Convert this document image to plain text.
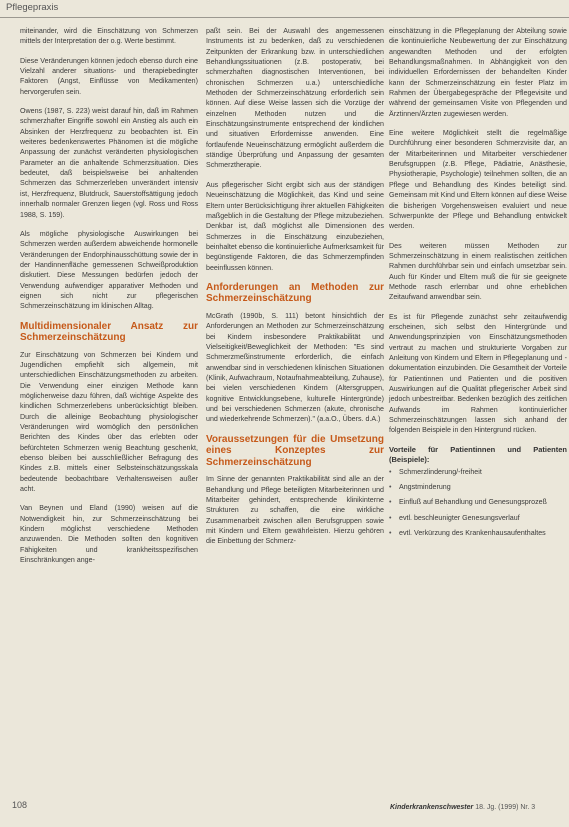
Pflegepraxis

miteinander, wird die Einschätzung von Schmerzen mittels der Interpretation der o.g. Werte bestimmt.

Diese Veränderungen können jedoch ebenso durch eine Vielzahl anderer situations- und therapiebedingter Faktoren (Angst, Einflüsse von Medikamenten) hervorgerufen sein.

Owens (1987, S. 223) weist darauf hin, daß im Rahmen schmerzhafter Eingriffe sowohl ein Anstieg als auch ein Absinken der Herzfrequenz zu beobachten ist. Ein weiteres bedenkenswertes Phänomen ist die mögliche Anpassung der zunächst veränderten physiologischen Parameter an die anhaltende Schmerzsituation. Dies bedeutet, daß beispielsweise bei anhaltenden Schmerzen das Schmerzerleben unverändert intensiv ist, Herzfrequenz, Blutdruck, Sauerstoffsättigung jedoch innerhalb normaler Grenzen liegen (vgl. Ross und Ross 1988, S. 159).

Als mögliche physiologische Auswirkungen bei Schmerzen werden außerdem abweichende hormonelle Veränderungen der Endorphinausschüttung sowie der in der Handinnenfläche gemessenen Schweißproduktion diskutiert. Diese Messungen bedürfen jedoch der Verwendung aufwendiger apparativer Methoden und eignen sich nicht zur pflegerischen Schmerzeinschätzung im klinischen Alltag.

Multidimensionaler Ansatz zur Schmerzeinschätzung

Zur Einschätzung von Schmerzen bei Kindern und Jugendlichen empfiehlt sich allgemein, mit unterschiedlichen Einschätzungsmethoden zu arbeiten. Die Verwendung einer einzigen Methode kann möglicherweise dazu führen, daß wichtige Aspekte des kindlichen Schmerzerlebens unberücksichtigt bleiben. Durch die alleinige Beobachtung physiologischer Veränderungen wird womöglich den persönlichen Berichten des Kindes über das erlebten oder befürchteten Schmerzen wenig Beachtung geschenkt, ebenso bleiben bei ausschließlicher Befragung des Kindes z.B. mittels einer Selbsteinschätzungsskala bedeutende beobachtbare Verhaltensweisen außer acht.

Van Beynen und Eland (1990) weisen auf die Notwendigkeit hin, zur Schmerzeinschätzung bei Kindern möglichst verschiedene Methoden anzuwenden. Die Methoden sollten den kognitiven Fähigkeiten und krankheitsspezifischen Einschränkungen ange-

paßt sein. Bei der Auswahl des angemessenen Instruments ist zu bedenken, daß zu verschiedenen Zeitpunkten der Erkrankung bzw. in unterschiedlichen Behandlungssituationen (z.B. postoperativ, bei schmerzhaften diagnostischen Interventionen, bei chronischen Schmerzen u.a.) unterschiedliche Methoden der Schmerzeinschätzung erforderlich sein können. Auf diese Weise lassen sich die Vorzüge der einzelnen Methoden nutzen und die Einschätzungsinstrumente entsprechend der kindlichen und situativen Erfordernisse anwenden. Eine fortlaufende Neueinschätzung ermöglicht außerdem die ständige Überprüfung und Anpassung der gesamten Schmerztherapie.

Aus pflegerischer Sicht ergibt sich aus der ständigen Neueinschätzung die Möglichkeit, das Kind und seine Eltern unter Berücksichtigung ihrer aktuellen Fähigkeiten maßgeblich in die Gestaltung der Pflege mitzubeziehen. Denkbar ist, daß möglichst alle Dimensionen des Schmerzes in die Einschätzung einzubeziehen, beinhaltet ebenso die kontinuierliche Aufmerksamkeit für begünstigende Faktoren, die das Schmerzempfinden beeinflussen können.

Anforderungen an Methoden zur Schmerzeinschätzung

McGrath (1990b, S. 111) betont hinsichtlich der Anforderungen an Methoden zur Schmerzeinschätzung bei Kindern insbesondere Praktikabilität und Vielseitigkeit/Beweglichkeit der Methoden: "Es sind Schmerzmeßinstrumente erforderlich, die einfach anwendbar sind in verschiedenen klinischen Situationen (Klinik, Aufwachraum, Notaufnahmeabteilung, Zuhause), bei vielen verschiedenen Kindern (Altersgruppen, kognitive Entwicklungsebene, kulturelle Hintergründe) und bei verschiedenen Schmerzen (akute, chronische und wiederkehrende Schmerzen)." (a.a.O., Übers. d.A.)

Voraussetzungen für die Umsetzung eines Konzeptes zur Schmerzeinschätzung

Im Sinne der genannten Praktikabilität sind alle an der Behandlung und Pflege beteiligten Mitarbeiterinnen und Mitarbeiter gehindert, entsprechende klinikinterne Strukturen zu schaffen, die eine wirkliche Zusammenarbeit zwischen allen Berufsgruppen sowie mit Kindern und Eltern gewährleisten. Hierzu gehören die Einbettung der Schmerz-

einschätzung in die Pflegeplanung der Abteilung sowie die kontinuierliche Neubewertung der zur Einschätzung angewandten Methoden und der erfolgten Behandlungsmaßnahmen. In Abhängigkeit von den individuellen Erfordernissen der behandelten Kinder kann der Schmerzeinschätzung ein fester Platz im Rahmen der Übergabegespräche der Pflegevisite und während der gemeinsamen Visite von Pflegenden und Ärztinnen/Ärzten zugewiesen werden.

Eine weitere Möglichkeit stellt die regelmäßige Durchführung einer besonderen Schmerzvisite dar, an der Mitarbeiterinnen und Mitarbeiter verschiedener Berufsgruppen (z.B. Pflege, Pädiatrie, Anästhesie, Physiotherapie, Psychologie) teilnehmen sollten, die an Pflege und Behandlung des Kindes beteiligt sind. Gemeinsam mit Kind und Eltern können auf diese Weise die bisherigen Vorgehensweisen evaluiert und neue Schwerpunkte der Pflege und Behandlung entwickelt werden.

Des weiteren müssen Methoden zur Schmerzeinschätzung in einem realistischen zeitlichen Rahmen durchführbar sein und einfach umsetzbar sein. Auch für Kinder und Eltern muß die für sie geeignete Methode rasch erlernbar und ohne erheblichen Zeitaufwand anwendbar sein.

Es ist für Pflegende zunächst sehr zeitaufwendig erscheinen, sich selbst den Hintergründe und Anwendungsprinzipien von Einschätzungsmethoden vertraut zu machen und strukturierte Vorgaben zur Anleitung von Kindern und Eltern in Pflegeplanung und -dokumentation einzubinden. Die Gesamtheit der Vorteile für Patientinnen und Patienten und die positiven Auswirkungen auf die Qualität pflegerischer Arbeit sind jedoch unbestreitbar. Bedenken bezüglich des zeitlichen Aufwands im Rahmen kontinuierlicher Schmerzeinschätzungen lassen sich anhand der folgenden Beispiele in den Hintergrund rücken.

Vorteile für Patientinnen und Patienten (Beispiele):
• Schmerzlinderung/-freiheit
• Angstminderung
• Einfluß auf Behandlung und Genesungsprozeß
• evtl. beschleunigter Genesungsverlauf
• evtl. Verkürzung des Krankenhausaufenthaltes
108	Kinderkrankenschwester 18. Jg. (1999) Nr. 3
